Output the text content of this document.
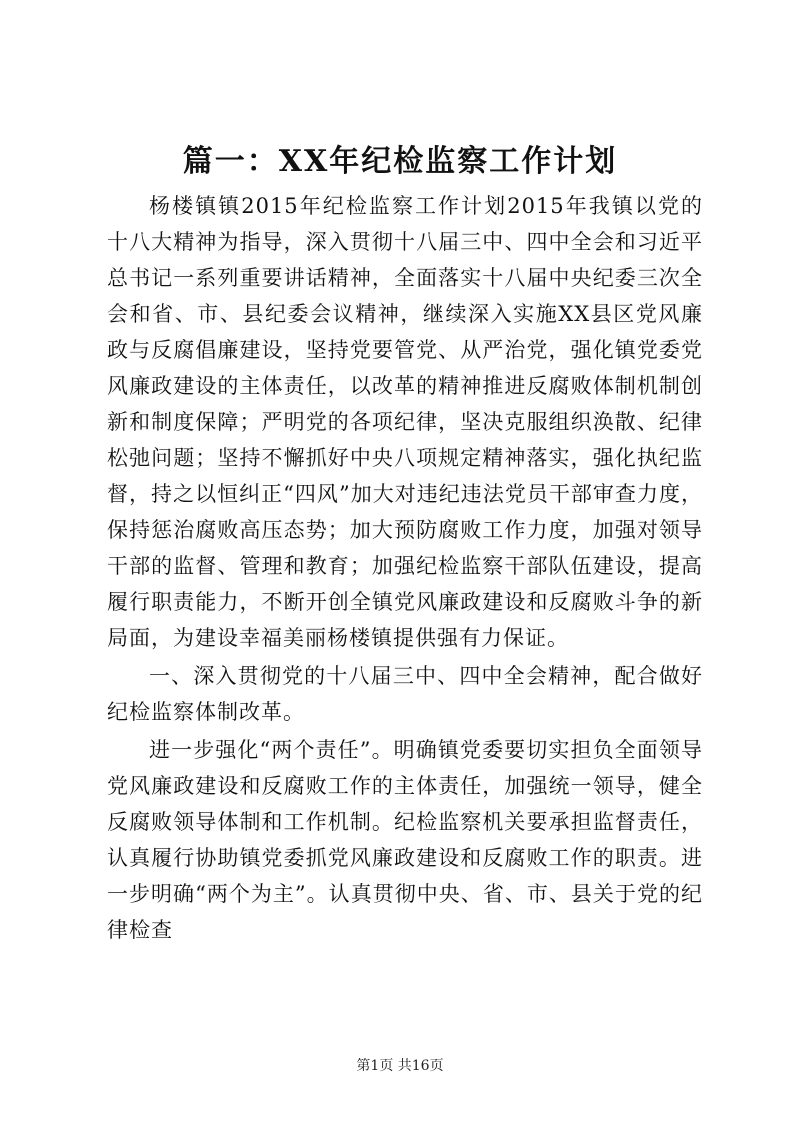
篇一：XX年纪检监察工作计划

杨楼镇镇2015年纪检监察工作计划2015年我镇以党的十八大精神为指导，深入贯彻十八届三中、四中全会和习近平总书记一系列重要讲话精神，全面落实十八届中央纪委三次全会和省、市、县纪委会议精神，继续深入实施XX县区党风廉政与反腐倡廉建设，坚持党要管党、从严治党，强化镇党委党风廉政建设的主体责任，以改革的精神推进反腐败体制机制创新和制度保障；严明党的各项纪律，坚决克服组织涣散、纪律松弛问题；坚持不懈抓好中央八项规定精神落实，强化执纪监督，持之以恒纠正“四风”加大对违纪违法党员干部审查力度，保持惩治腐败高压态势；加大预防腐败工作力度，加强对领导干部的监督、管理和教育；加强纪检监察干部队伍建设，提高履行职责能力，不断开创全镇党风廉政建设和反腐败斗争的新局面，为建设幸福美丽杨楼镇提供强有力保证。

一、深入贯彻党的十八届三中、四中全会精神，配合做好纪检监察体制改革。

进一步强化“两个责任”。明确镇党委要切实担负全面领导党风廉政建设和反腐败工作的主体责任，加强统一领导，健全反腐败领导体制和工作机制。纪检监察机关要承担监督责任，认真履行协助镇党委抓党风廉政建设和反腐败工作的职责。进一步明确“两个为主”。认真贯彻中央、省、市、县关于党的纪律检查

第1页 共16页
